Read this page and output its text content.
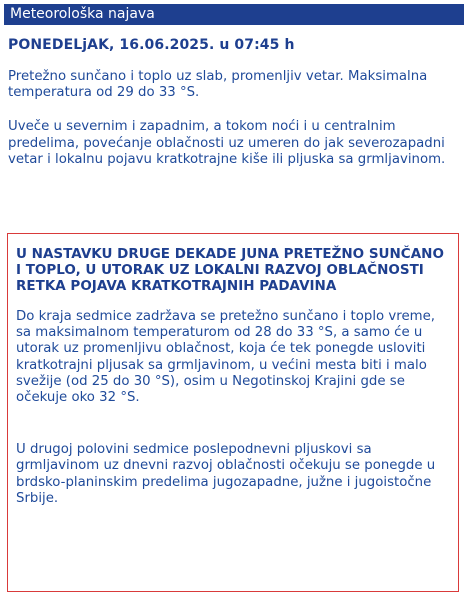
Meteorološka najava
PONEDELjAK, 16.06.2025. u 07:45 h

Pretežno sunčano i toplo uz slab, promenljiv vetar. Maksimalna temperatura od 29 do 33 °S.

Uveče u severnim i zapadnim, a tokom noći i u centralnim predelima, povećanje oblačnosti uz umeren do jak severozapadni vetar i lokalnu pojavu kratkotrajne kiše ili pljuska sa grmljavinom.

U NASTAVKU DRUGE DEKADE JUNA PRETEŽNO SUNČANO I TOPLO, U UTORAK UZ LOKALNI RAZVOJ OBLAČNOSTI RETKA POJAVA KRATKOTRAJNIH PADAVINA

Do kraja sedmice zadržava se pretežno sunčano i toplo vreme, sa maksimalnom temperaturom od 28 do 33 °S, a samo će u utorak uz promenljivu oblačnost, koja će tek ponegde usloviti kratkotrajni pljusak sa grmljavinom, u većini mesta biti i malo svežije (od 25 do 30 °S), osim u Negotinskoj Krajini gde se očekuje oko 32 °S.

U drugoj polovini sedmice poslepodnevni pljuskovi sa grmljavinom uz dnevni razvoj oblačnosti očekuju se ponegde u brdsko-planinskim predelima jugozapadne, južne i jugoistočne Srbije.
